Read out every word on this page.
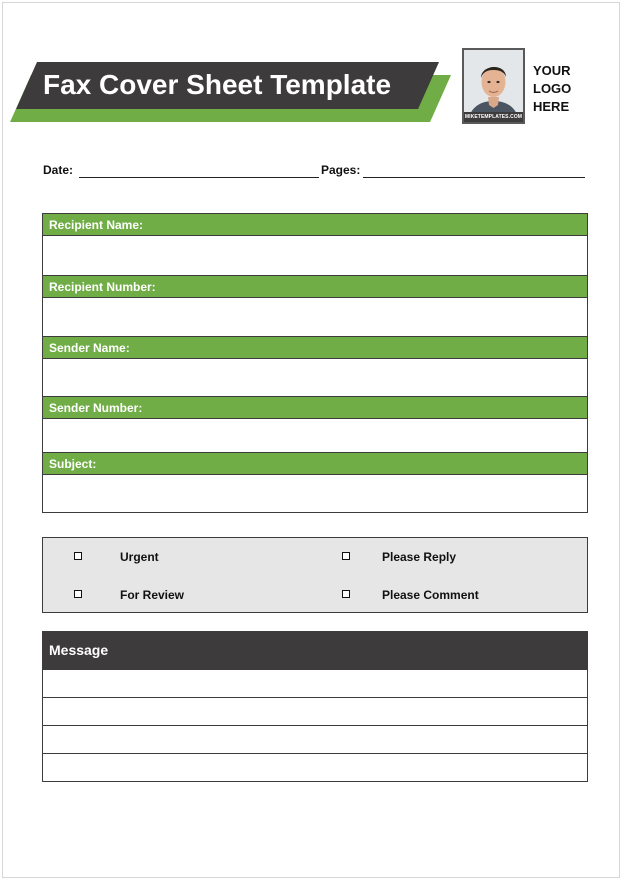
Fax Cover Sheet Template
MIKETEMPLATES.COM
YOUR
LOGO
HERE
Date:	Pages:
Recipient Name:
Recipient Number:
Sender Name:
Sender Number:
Subject:
Urgent	Please Reply
For Review	Please Comment
Message
